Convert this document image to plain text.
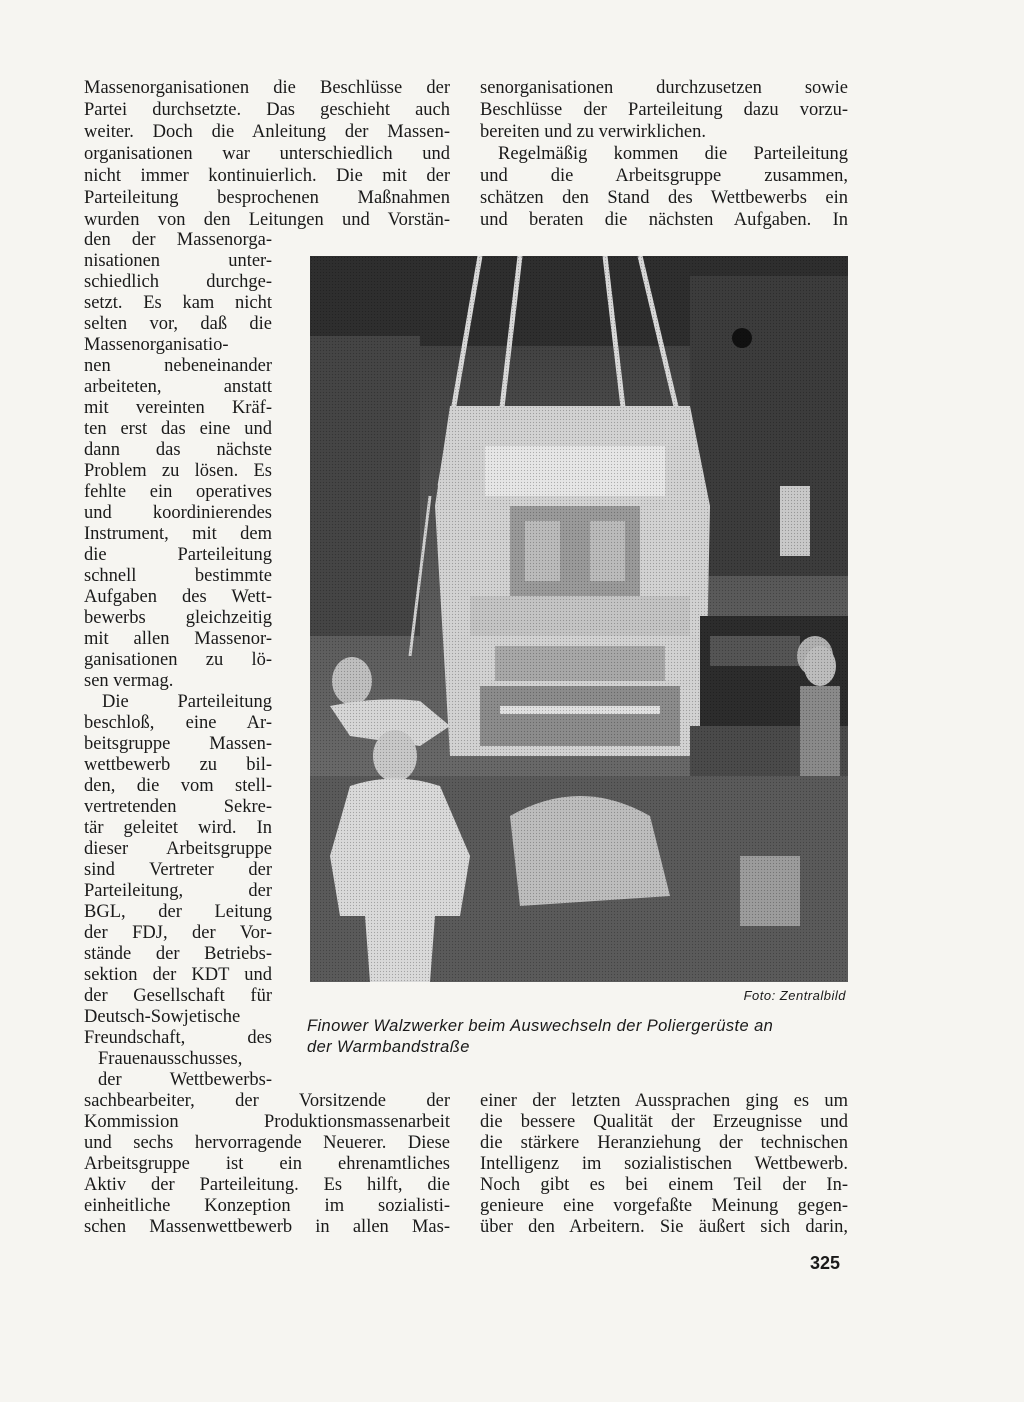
Massenorganisationen die Beschlüsse der
Partei durchsetzte. Das geschieht auch
weiter. Doch die Anleitung der Massen-
organisationen war unterschiedlich und
nicht immer kontinuierlich. Die mit der
Parteileitung besprochenen Maßnahmen
wurden von den Leitungen und Vorstän-
den der Massenorga-
nisationen unter-
schiedlich durchge-
setzt. Es kam nicht
selten vor, daß die
Massenorganisatio-
nen nebeneinander
arbeiteten, anstatt
mit vereinten Kräf-
ten erst das eine und
dann das nächste
Problem zu lösen. Es
fehlte ein operatives
und koordinierendes
Instrument, mit dem
die Parteileitung
schnell bestimmte
Aufgaben des Wett-
bewerbs gleichzeitig
mit allen Massenor-
ganisationen zu lö-
sen vermag.
Die Parteileitung
beschloß, eine Ar-
beitsgruppe Massen-
wettbewerb zu bil-
den, die vom stell-
vertretenden Sekre-
tär geleitet wird. In
dieser Arbeitsgruppe
sind Vertreter der
Parteileitung, der
BGL, der Leitung
der FDJ, der Vor-
stände der Betriebs-
sektion der KDT und
der Gesellschaft für
Deutsch-Sowjetische
Freundschaft, des
Frauenausschusses,
der Wettbewerbs-
sachbearbeiter, der Vorsitzende der
Kommission Produktionsmassenarbeit
und sechs hervorragende Neuerer. Diese
Arbeitsgruppe ist ein ehrenamtliches
Aktiv der Parteileitung. Es hilft, die
einheitliche Konzeption im sozialisti-
schen Massenwettbewerb in allen Mas-
senorganisationen durchzusetzen sowie
Beschlüsse der Parteileitung dazu vorzu-
bereiten und zu verwirklichen.
Regelmäßig kommen die Parteileitung
und die Arbeitsgruppe zusammen,
schätzen den Stand des Wettbewerbs ein
und beraten die nächsten Aufgaben. In
Foto: Zentralbild
Finower Walzwerker beim Auswechseln der Poliergerüste an
der Warmbandstraße
einer der letzten Aussprachen ging es um
die bessere Qualität der Erzeugnisse und
die stärkere Heranziehung der technischen
Intelligenz im sozialistischen Wettbewerb.
Noch gibt es bei einem Teil der In-
genieure eine vorgefaßte Meinung gegen-
über den Arbeitern. Sie äußert sich darin,
325
